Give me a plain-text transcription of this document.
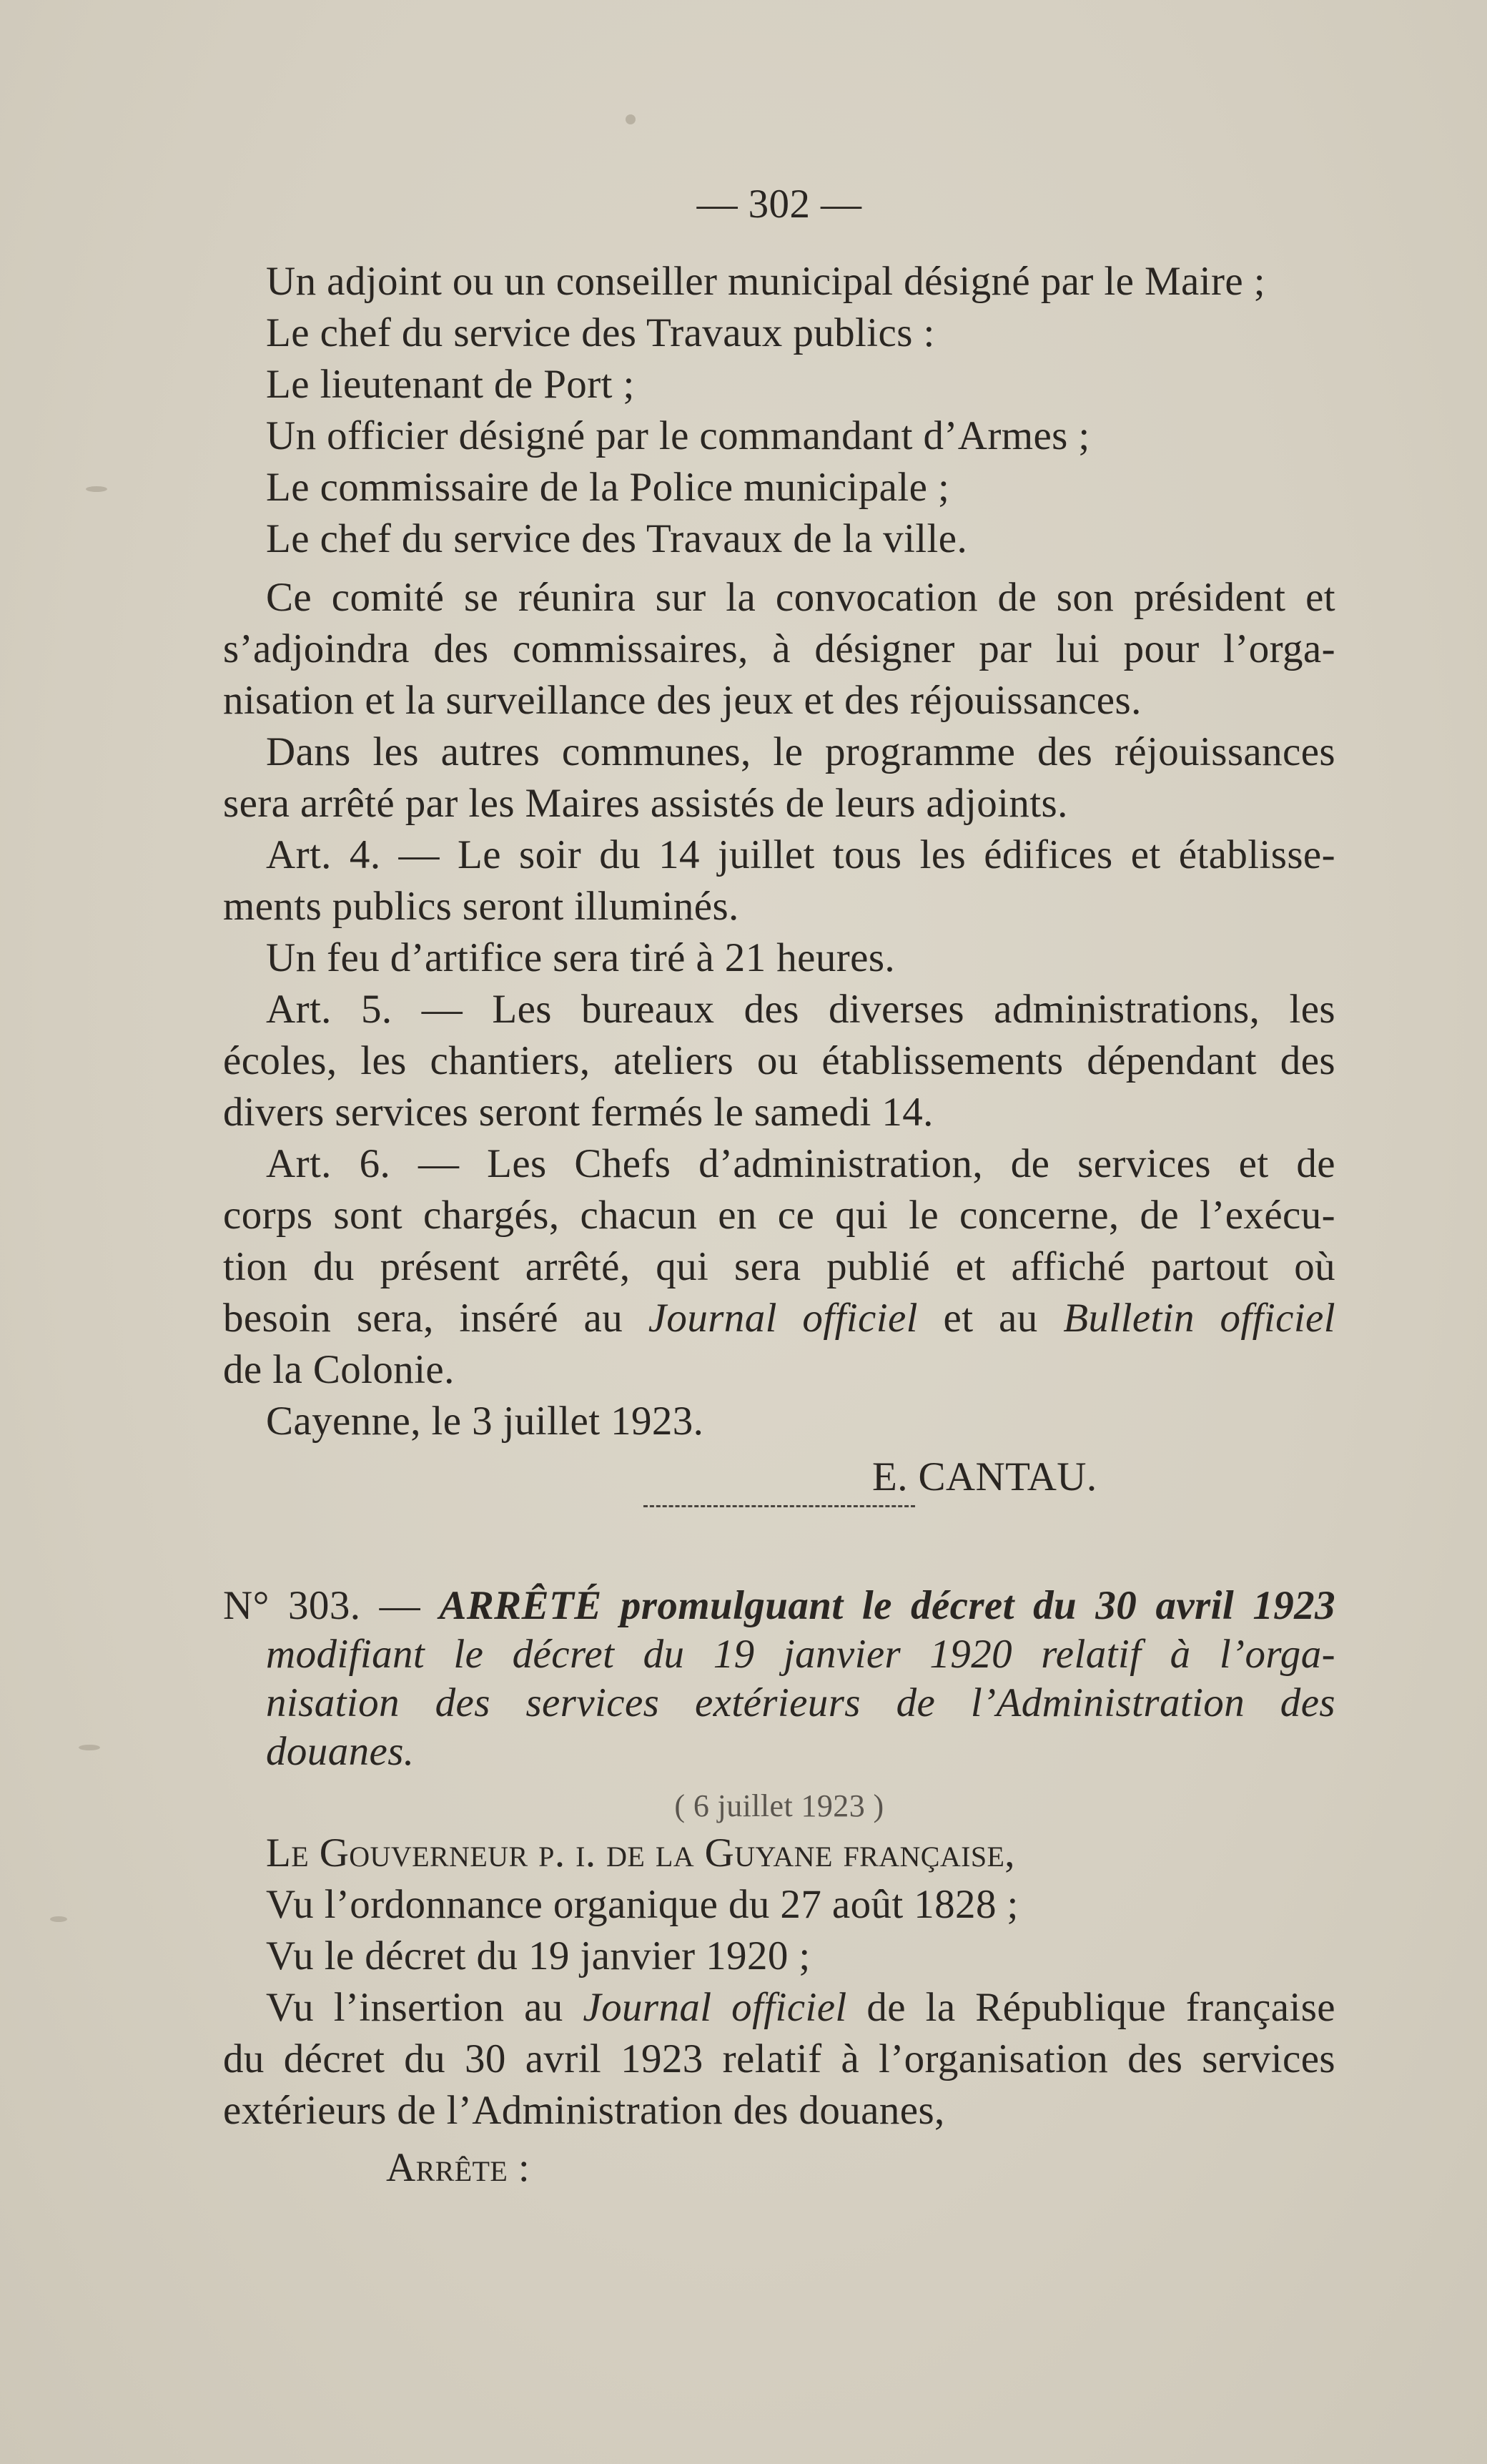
— 302 —
Un adjoint ou un conseiller municipal désigné par le Maire ;
Le chef du service des Travaux publics :
Le lieutenant de Port ;
Un officier désigné par le commandant d’Armes ;
Le commissaire de la Police municipale ;
Le chef du service des Travaux de la ville.
Ce comité se réunira sur la convocation de son président et
s’adjoindra des commissaires, à désigner par lui pour l’orga-
nisation et la surveillance des jeux et des réjouissances.
Dans les autres communes, le programme des réjouissances
sera arrêté par les Maires assistés de leurs adjoints.
Art. 4. — Le soir du 14 juillet tous les édifices et établisse-
ments publics seront illuminés.
Un feu d’artifice sera tiré à 21 heures.
Art. 5. — Les bureaux des diverses administrations, les
écoles, les chantiers, ateliers ou établissements dépendant des
divers services seront fermés le samedi 14.
Art. 6. — Les Chefs d’administration, de services et de
corps sont chargés, chacun en ce qui le concerne, de l’exécu-
tion du présent arrêté, qui sera publié et affiché partout où
besoin sera, inséré au Journal officiel et au Bulletin officiel
de la Colonie.
Cayenne, le 3 juillet 1923.
E. CANTAU.
N° 303. — ARRÊTÉ promulguant le décret du 30 avril 1923
modifiant le décret du 19 janvier 1920 relatif à l’orga-
nisation des services extérieurs de l’Administration des
douanes.
( 6 juillet 1923 )
Le Gouverneur p. i. de la Guyane française,
Vu l’ordonnance organique du 27 août 1828 ;
Vu le décret du 19 janvier 1920 ;
Vu l’insertion au Journal officiel de la République française
du décret du 30 avril 1923 relatif à l’organisation des services
extérieurs de l’Administration des douanes,
Arrête :
